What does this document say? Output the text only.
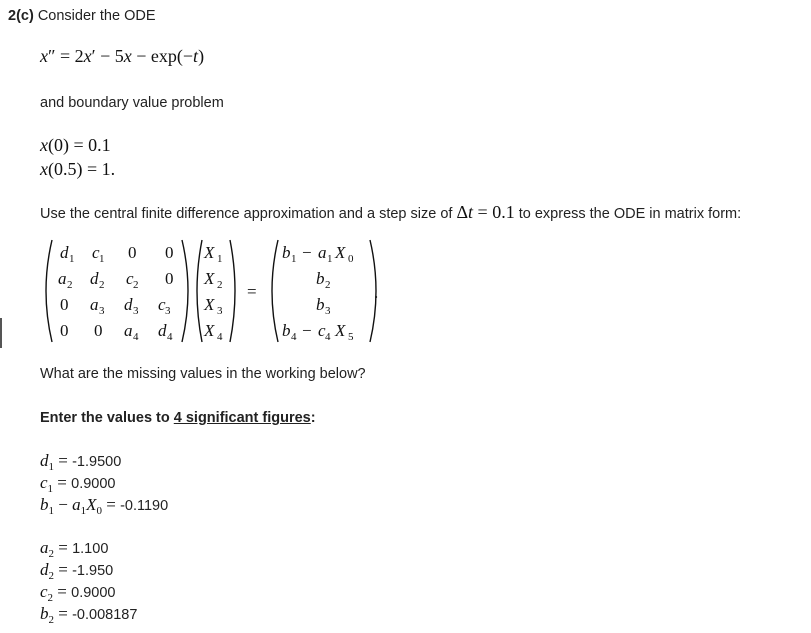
2(c) Consider the ODE
x″ = 2x′ − 5x − exp(−t)
and boundary value problem
x(0) = 0.1
x(0.5) = 1.
Use the central finite difference approximation and a step size of Δt = 0.1 to express the ODE in matrix form:
d 1 c 1 0 0
a 2 d 2 c 2 0
0 a 3 d 3 c 3
0 0 a 4 d 4
X 1
X 2
X 3
X 4
=
b 1 − a 1 X 0
b 2
b 3
b 4 − c 4 X 5
.
What are the missing values in the working below?
Enter the values to 4 significant figures:
$d_1 = -1.9500$
$c_1 = 0.9000$
$b_1 - a_1X_0 = -0.1190$
$a_2 = 1.100$
$d_2 = -1.950$
$c_2 = 0.9000$
$b_2 = -0.008187$
